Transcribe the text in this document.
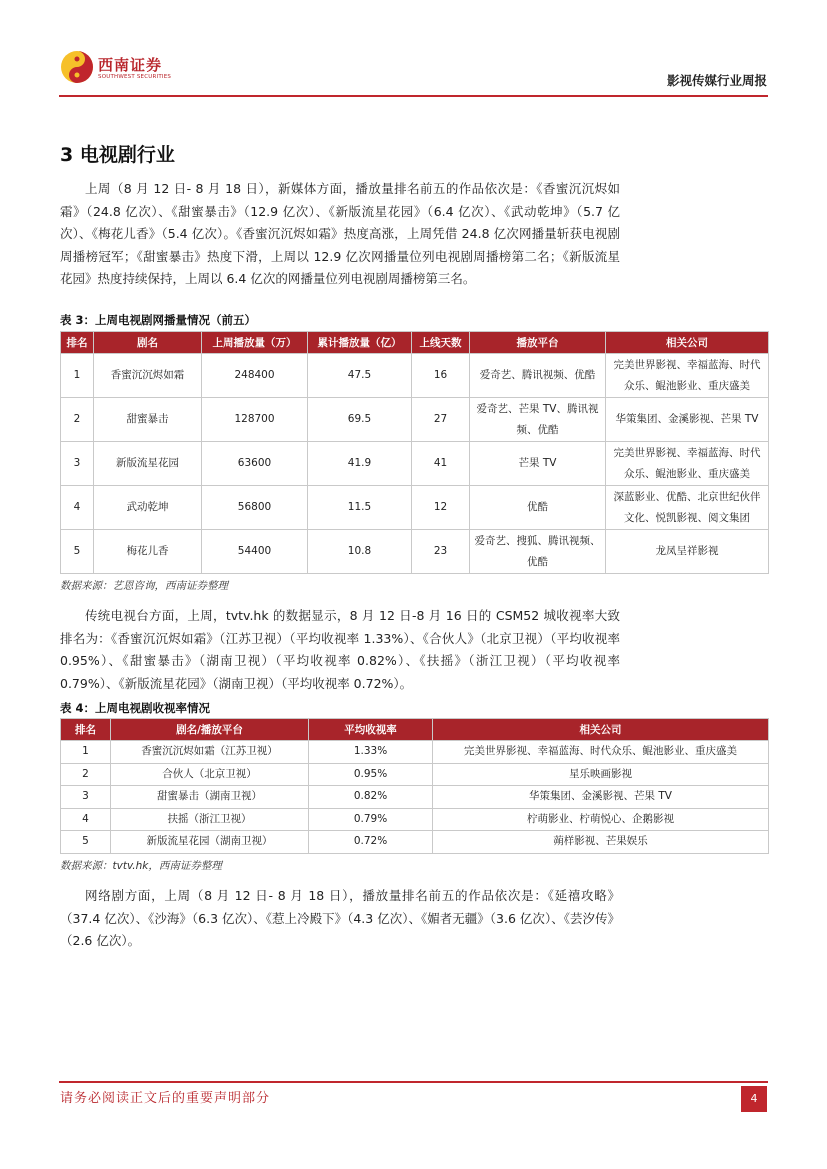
西南证券
SOUTHWEST SECURITIES	影视传媒行业周报
3 电视剧行业
上周（8 月 12 日- 8 月 18 日），新媒体方面，播放量排名前五的作品依次是：《香蜜沉沉烬如霜》（24.8 亿次）、《甜蜜暴击》（12.9 亿次）、《新版流星花园》（6.4 亿次）、《武动乾坤》（5.7 亿次）、《梅花儿香》（5.4 亿次）。《香蜜沉沉烬如霜》热度高涨，上周凭借 24.8 亿次网播量斩获电视剧周播榜冠军；《甜蜜暴击》热度下滑，上周以 12.9 亿次网播量位列电视剧周播榜第二名；《新版流星花园》热度持续保持，上周以 6.4 亿次的网播量位列电视剧周播榜第三名。
表 3：上周电视剧网播量情况（前五）
排名	剧名	上周播放量（万）	累计播放量（亿）	上线天数	播放平台	相关公司
1	香蜜沉沉烬如霜	248400	47.5	16	爱奇艺、腾讯视频、优酷	完美世界影视、幸福蓝海、时代众乐、鲲池影业、重庆盛美
2	甜蜜暴击	128700	69.5	27	爱奇艺、芒果 TV、腾讯视频、优酷	华策集团、金溪影视、芒果 TV
3	新版流星花园	63600	41.9	41	芒果 TV	完美世界影视、幸福蓝海、时代众乐、鲲池影业、重庆盛美
4	武动乾坤	56800	11.5	12	优酷	深蓝影业、优酷、北京世纪伙伴文化、悦凯影视、阅文集团
5	梅花儿香	54400	10.8	23	爱奇艺、搜狐、腾讯视频、优酷	龙凤呈祥影视
数据来源：艺恩咨询，西南证券整理
传统电视台方面，上周，tvtv.hk 的数据显示，8 月 12 日-8 月 16 日的 CSM52 城收视率大致排名为：《香蜜沉沉烬如霜》（江苏卫视）（平均收视率 1.33%）、《合伙人》（北京卫视）（平均收视率 0.95%）、《甜蜜暴击》（湖南卫视）（平均收视率 0.82%）、《扶摇》（浙江卫视）（平均收视率 0.79%）、《新版流星花园》（湖南卫视）（平均收视率 0.72%）。
表 4：上周电视剧收视率情况
排名	剧名/播放平台	平均收视率	相关公司
1	香蜜沉沉烬如霜（江苏卫视）	1.33%	完美世界影视、幸福蓝海、时代众乐、鲲池影业、重庆盛美
2	合伙人（北京卫视）	0.95%	星乐映画影视
3	甜蜜暴击（湖南卫视）	0.82%	华策集团、金溪影视、芒果 TV
4	扶摇（浙江卫视）	0.79%	柠萌影业、柠萌悦心、企鹅影视
5	新版流星花园（湖南卫视）	0.72%	蒴样影视、芒果娱乐
数据来源：tvtv.hk，西南证券整理
网络剧方面，上周（8 月 12 日- 8 月 18 日），播放量排名前五的作品依次是：《延禧攻略》（37.4 亿次）、《沙海》（6.3 亿次）、《惹上冷殿下》（4.3 亿次）、《媚者无疆》（3.6 亿次）、《芸汐传》（2.6 亿次）。
请务必阅读正文后的重要声明部分	4
